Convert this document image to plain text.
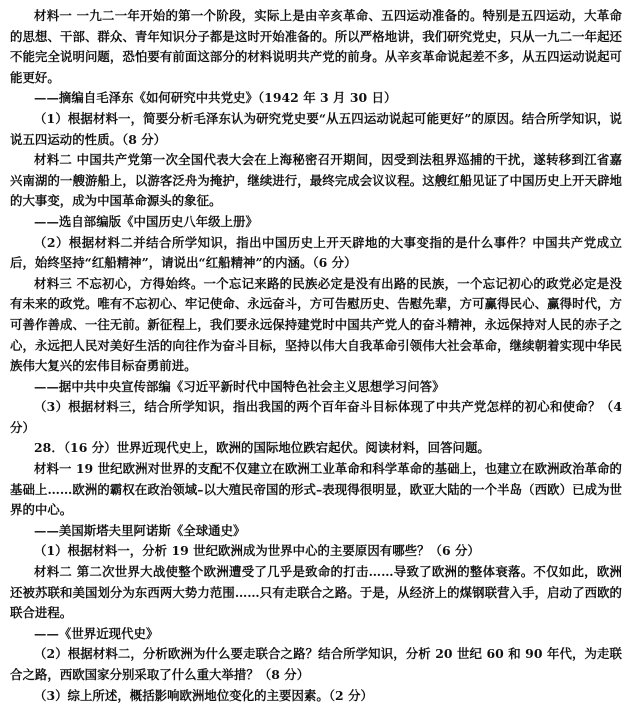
材料一 一九二一年开始的第一个阶段，实际上是由辛亥革命、五四运动准备的。特别是五四运动，大革命的思想、干部、群众、青年知识分子都是这时开始准备的。所以严格地讲，我们研究党史，只从一九二一年起还不能完全说明问题，恐怕要有前面这部分的材料说明共产党的前身。从辛亥革命说起差不多，从五四运动说起可能更好。

——摘编自毛泽东《如何研究中共党史》（1942 年 3 月 30 日）

（1）根据材料一，简要分析毛泽东认为研究党史要“从五四运动说起可能更好”的原因。结合所学知识，说说五四运动的性质。（8 分）

材料二 中国共产党第一次全国代表大会在上海秘密召开期间，因受到法租界巡捕的干扰，遂转移到江省嘉兴南湖的一艘游船上，以游客泛舟为掩护，继续进行，最终完成会议议程。这艘红船见证了中国历史上开天辟地的大事变，成为中国革命源头的象征。

——选自部编版《中国历史八年级上册》

（2）根据材料二并结合所学知识，指出中国历史上开天辟地的大事变指的是什么事件？中国共产党成立后，始终坚持“红船精神”，请说出“红船精神”的内涵。（6 分）

材料三 不忘初心，方得始终。一个忘记来路的民族必定是没有出路的民族，一个忘记初心的政党必定是没有未来的政党。唯有不忘初心、牢记使命、永远奋斗，方可告慰历史、告慰先辈，方可赢得民心、赢得时代，方可善作善成、一往无前。新征程上，我们要永远保持建党时中国共产党人的奋斗精神，永远保持对人民的赤子之心，永远把人民对美好生活的向往作为奋斗目标，坚持以伟大自我革命引领伟大社会革命，继续朝着实现中华民族伟大复兴的宏伟目标奋勇前进。

——据中共中央宣传部编《习近平新时代中国特色社会主义思想学习问答》

（3）根据材料三，结合所学知识，指出我国的两个百年奋斗目标体现了中共产党怎样的初心和使命？（4 分）

28．（16 分）世界近现代史上，欧洲的国际地位跌宕起伏。阅读材料，回答问题。

材料一 19 世纪欧洲对世界的支配不仅建立在欧洲工业革命和科学革命的基础上，也建立在欧洲政治革命的基础上……欧洲的霸权在政治领域–以大殖民帝国的形式–表现得很明显，欧亚大陆的一个半岛（西欧）已成为世界的中心。

——美国斯塔夫里阿诺斯《全球通史》

（1）根据材料一，分析 19 世纪欧洲成为世界中心的主要原因有哪些？（6 分）

材料二 第二次世界大战使整个欧洲遭受了几乎是致命的打击……导致了欧洲的整体衰落。不仅如此，欧洲还被苏联和美国划分为东西两大势力范围……只有走联合之路。于是，从经济上的煤钢联营入手，启动了西欧的联合进程。

——《世界近现代史》

（2）根据材料二，分析欧洲为什么要走联合之路？结合所学知识，分析 20 世纪 60 和 90 年代，为走联合之路，西欧国家分别采取了什么重大举措？（8 分）

（3）综上所述，概括影响欧洲地位变化的主要因素。（2 分）
